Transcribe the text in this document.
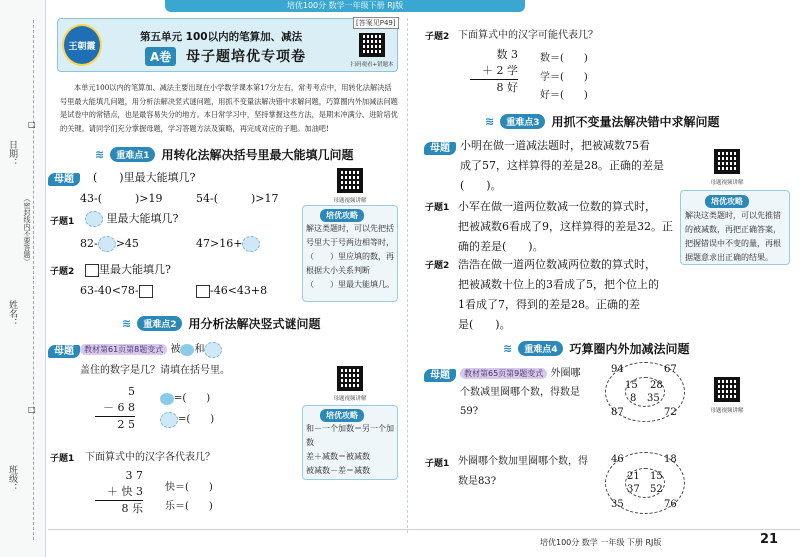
培优100分 数学一年级下册 RJ版
日期：
姓名：
班级：
（密封线内不要答题）
□
□
王朝霞
第五单元 100以内的笔算加、减法
A卷	母子题培优专项卷
[答案见P49]
扫码观看+错题本
本单元100以内的笔算加、减法主要出现在小学数学课本第17分左右，常考考点中，用转化法解决括号里最大能填几问题，用分析法解决竖式谜问题，用抓不变量法解决错中求解问题，巧算圈内外加减法问题是试卷中的常错点，也是最容易失分的地方。本日常学习中，坚持掌握这些方法，是期末冲满分、进阶培优的关键。请同学们充分掌握母题，学习答题方法及策略，再完成对应的子题。加油吧!
≋	重难点1	用转化法解决括号里最大能填几问题
母题	(　　)里最大能填几?
43-(　　　)>19	54-(　　　)>17
子题1	里最大能填几?
82- >45	47>16+
子题2	里最大能填几?
63-40<78-	-46<43+8
母题视频讲解
培优攻略
解这类题时，可以先把括号里大于号两边相等时，（　　）里应填的数，再根据大小关系判断（　　）里最大能填几。
≋	重难点2	用分析法解决竖式谜问题
母题	教材第61页第8题变式 被 和
盖住的数字是几？请填在括号里。
5
－ 6 8
2 5
=(　　)
=(　　)
母题视频讲解
培优攻略
和－一个加数＝另一个加数
差＋减数＝被减数
被减数－差＝减数
子题1 下面算式中的汉字各代表几？
3 7
＋ 快 3
8 乐
快＝(　　)
乐＝(　　)
子题2 下面算式中的汉字可能代表几？
数 3
＋ 2 学
8 好
数＝(　　)
学＝(　　)
好＝(　　)
≋	重难点3	用抓不变量法解决错中求解问题
母题 小明在做一道减法题时，把被减数75看
成了57，这样算得的差是28。正确的差是
(　　)。	母题视频讲解
培优攻略
解决这类题时，可以先推错的被减数，再把正确答案，把握错误中不变的量，再根据题意求出正确的结果。
子题1 小军在做一道两位数减一位数的算式时，
把被减数6看成了9，这样算得的差是32。正
确的差是(　　)。
子题2 浩浩在做一道两位数减两位数的算式时，
把被减数十位上的3看成了5，把个位上的
1看成了7，得到的差是28。正确的差
是(　　)。
≋	重难点4	巧算圈内外加减法问题
母题	教材第65页第9题变式 外圈哪
个数减里圈哪个数，得数是
59?
94	67
15 28
8 35
87	72	母题视频讲解
子题1 外圈哪个数加里圈哪个数，得
数是83?
46	18
21 15
37 52
35	76
培优100分 数学 一年级 下册 RJ版	21
